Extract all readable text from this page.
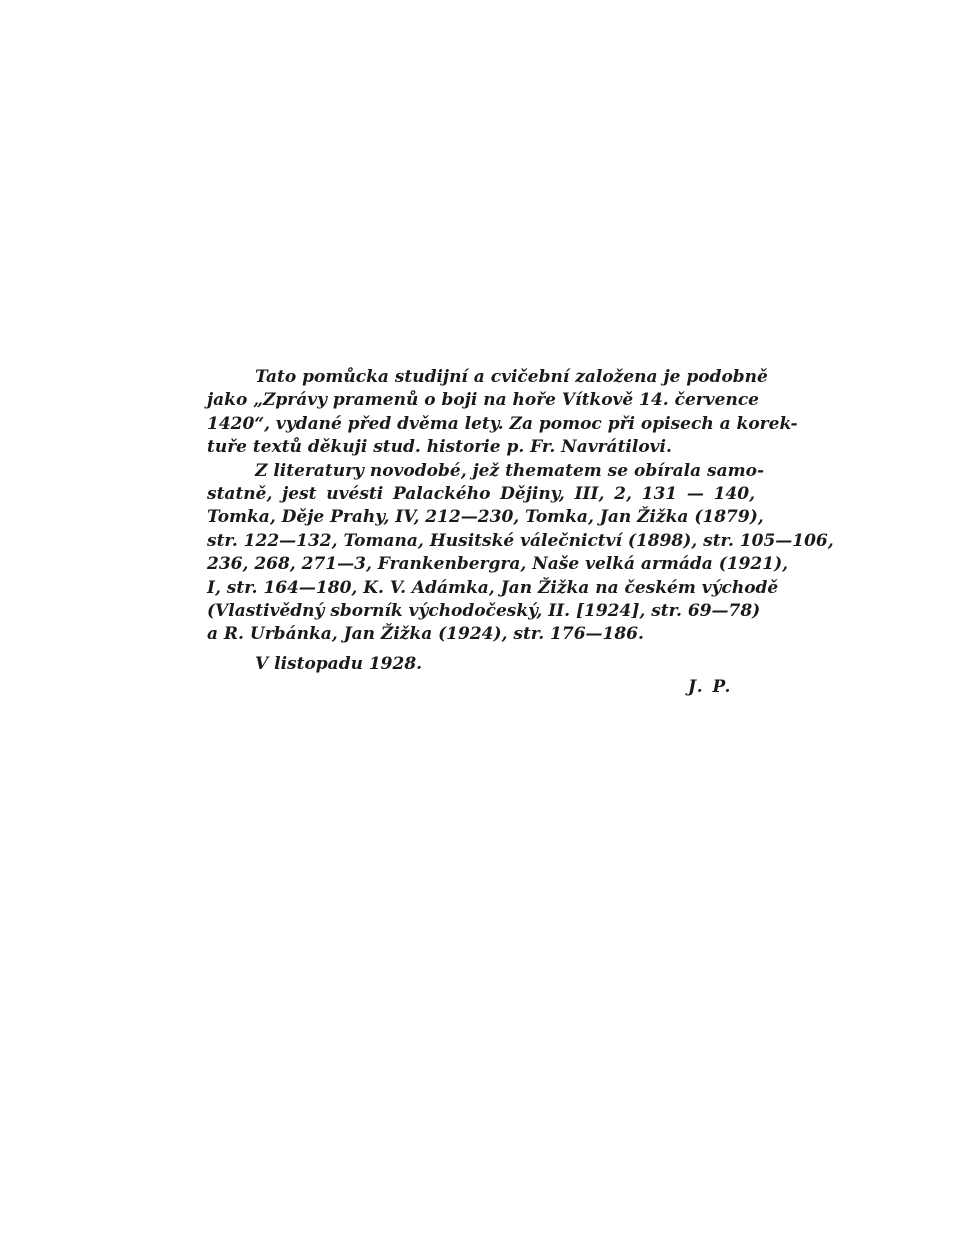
Tato pomůcka studijní a cvičební založena je podobně
jako „Zprávy pramenů o boji na hoře Vítkově 14. července
1420“, vydané před dvěma lety. Za pomoc při opisech a korek-
tuře textů děkuji stud. historie p. Fr. Navrátilovi.
Z literatury novodobé, jež thematem se obírala samo-
statně, jest uvésti Palackého Dějiny, III, 2, 131 — 140,
Tomka, Děje Prahy, IV, 212—230, Tomka, Jan Žižka (1879),
str. 122—132, Tomana, Husitské válečnictví (1898), str. 105—106,
236, 268, 271—3, Frankenbergra, Naše velká armáda (1921),
I, str. 164—180, K. V. Adámka, Jan Žižka na českém východě
(Vlastivědný sborník východočeský, II. [1924], str. 69—78)
a R. Urbánka, Jan Žižka (1924), str. 176—186.
V listopadu 1928.
J. P.
